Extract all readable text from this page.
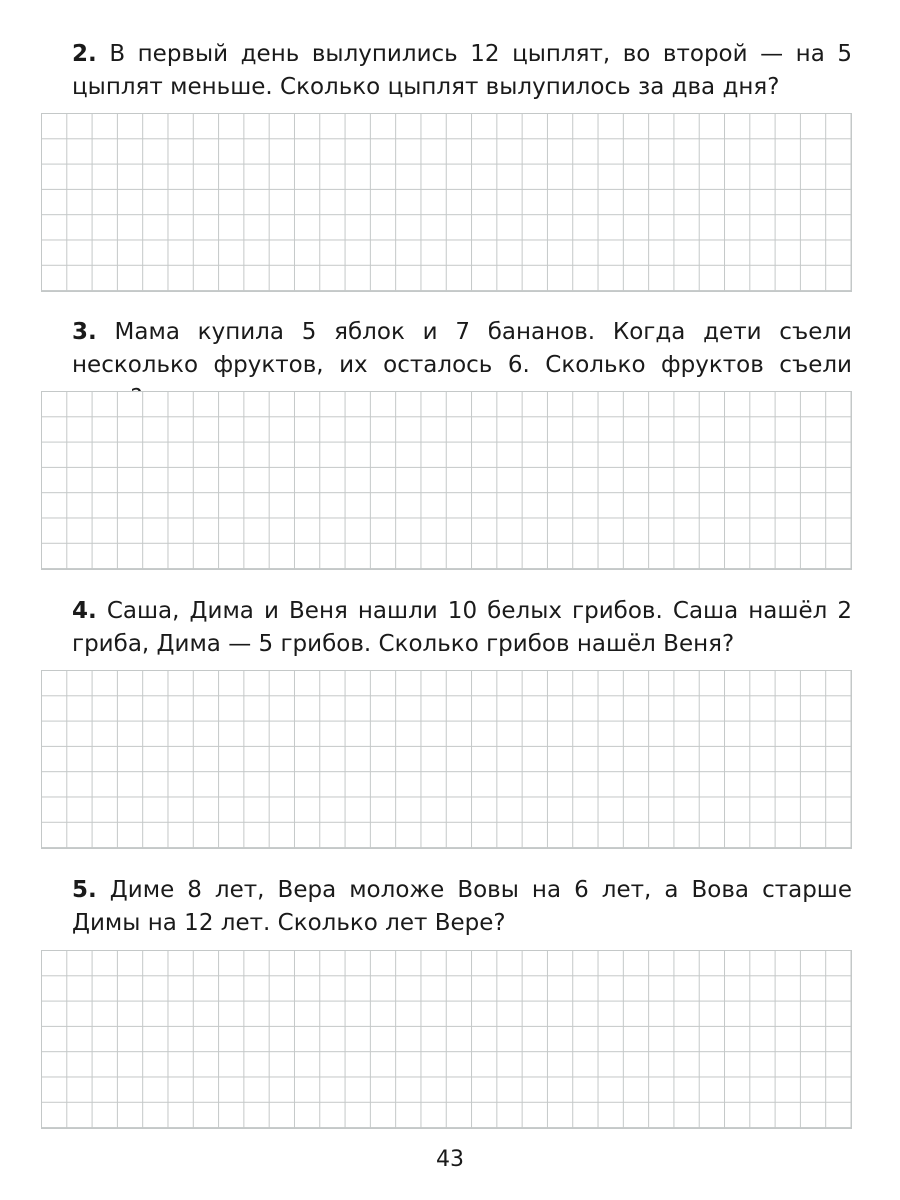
2. В первый день вылупились 12 цыплят, во второй — на 5 цыплят меньше. Сколько цыплят вылупилось за два дня?

3. Мама купила 5 яблок и 7 бананов. Когда дети съели несколько фруктов, их осталось 6. Сколько фруктов съели

4. Саша, Дима и Веня нашли 10 белых грибов. Саша нашёл 2 гриба, Дима — 5 грибов. Сколько грибов нашёл Веня?

5. Диме 8 лет, Вера моложе Вовы на 6 лет, а Вова старше Димы на 12 лет. Сколько лет Вере?

43
